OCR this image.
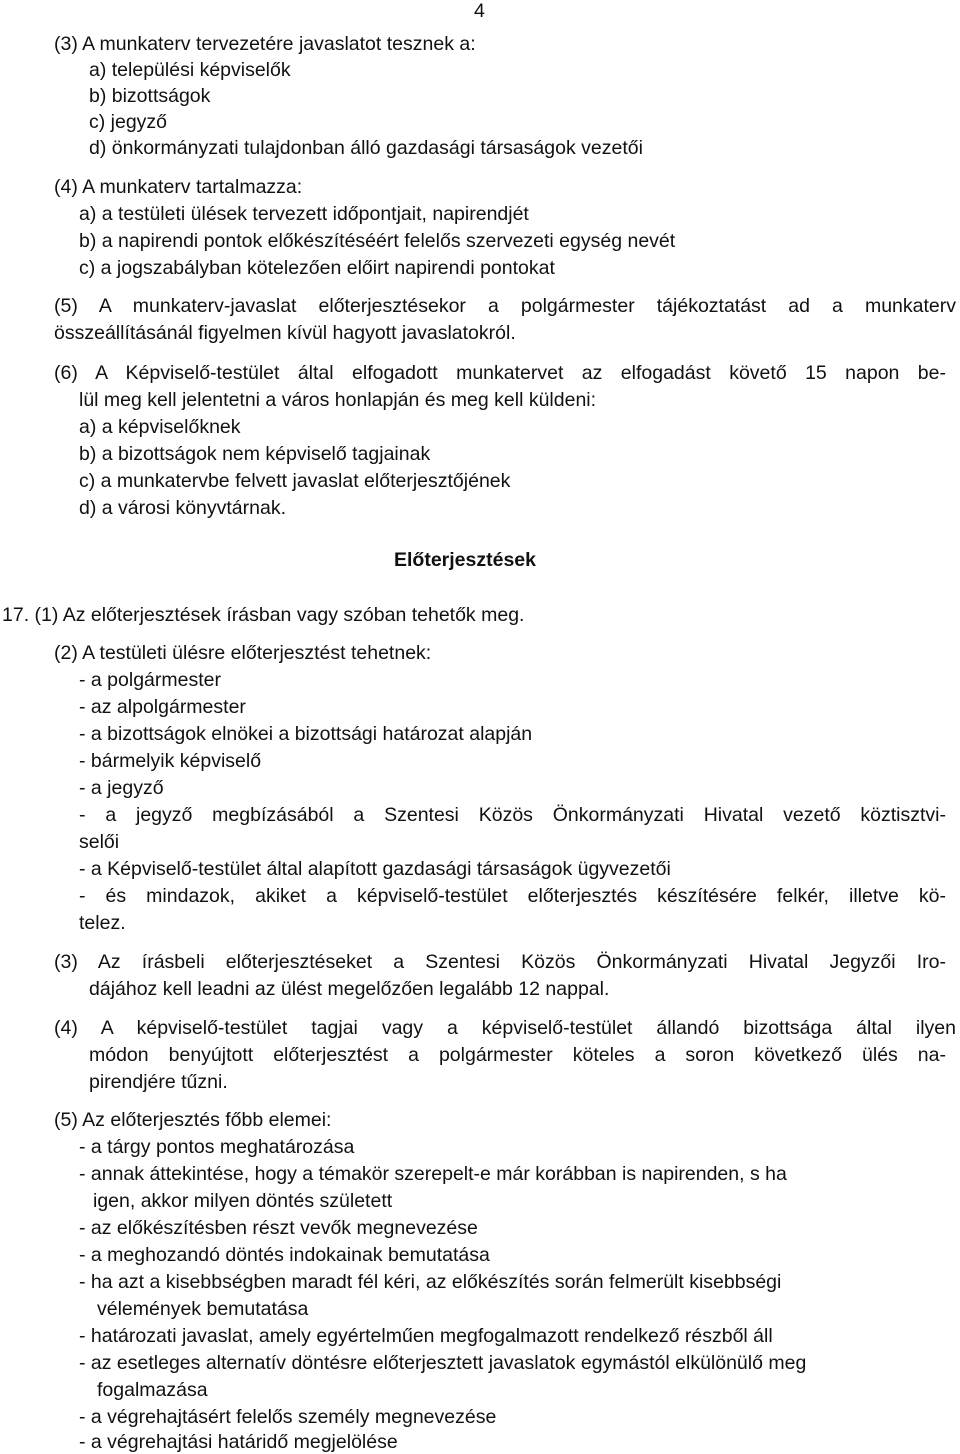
4
(3) A munkaterv tervezetére javaslatot tesznek a:
a) települési képviselők
b) bizottságok
c) jegyző
d) önkormányzati tulajdonban álló gazdasági társaságok vezetői
(4) A munkaterv tartalmazza:
a) a testületi ülések tervezett időpontjait, napirendjét
b) a napirendi pontok előkészítéséért felelős szervezeti egység nevét
c) a jogszabályban kötelezően előirt napirendi pontokat
(5) A munkaterv-javaslat előterjesztésekor a polgármester tájékoztatást ad a munkaterv
összeállításánál figyelmen kívül hagyott javaslatokról.
(6) A Képviselő-testület által elfogadott munkatervet az elfogadást követő 15 napon be-
lül meg kell jelentetni a város honlapján és meg kell küldeni:
a) a képviselőknek
b) a bizottságok nem képviselő tagjainak
c) a munkatervbe felvett javaslat előterjesztőjének
d) a városi könyvtárnak.
Előterjesztések
17. (1) Az előterjesztések írásban vagy szóban tehetők meg.
(2) A testületi ülésre előterjesztést tehetnek:
- a polgármester
- az alpolgármester
- a bizottságok elnökei a bizottsági határozat alapján
- bármelyik képviselő
- a jegyző
- a jegyző megbízásából a Szentesi Közös Önkormányzati Hivatal vezető köztisztvi-
selői
- a Képviselő-testület által alapított gazdasági társaságok ügyvezetői
- és mindazok, akiket a képviselő-testület előterjesztés készítésére felkér, illetve kö-
telez.
(3) Az írásbeli előterjesztéseket a Szentesi Közös Önkormányzati Hivatal Jegyzői Iro-
dájához kell leadni az ülést megelőzően legalább 12 nappal.
(4) A képviselő-testület tagjai vagy a képviselő-testület állandó bizottsága által ilyen
módon benyújtott előterjesztést a polgármester köteles a soron következő ülés na-
pirendjére tűzni.
(5) Az előterjesztés főbb elemei:
- a tárgy pontos meghatározása
- annak áttekintése, hogy a témakör szerepelt-e már korábban is napirenden, s ha
igen, akkor milyen döntés született
- az előkészítésben részt vevők megnevezése
- a meghozandó döntés indokainak bemutatása
- ha azt a kisebbségben maradt fél kéri, az előkészítés során felmerült kisebbségi
vélemények bemutatása
- határozati javaslat, amely egyértelműen megfogalmazott rendelkező részből áll
- az esetleges alternatív döntésre előterjesztett javaslatok egymástól elkülönülő meg
fogalmazása
- a végrehajtásért felelős személy megnevezése
- a végrehajtási határidő megjelölése
